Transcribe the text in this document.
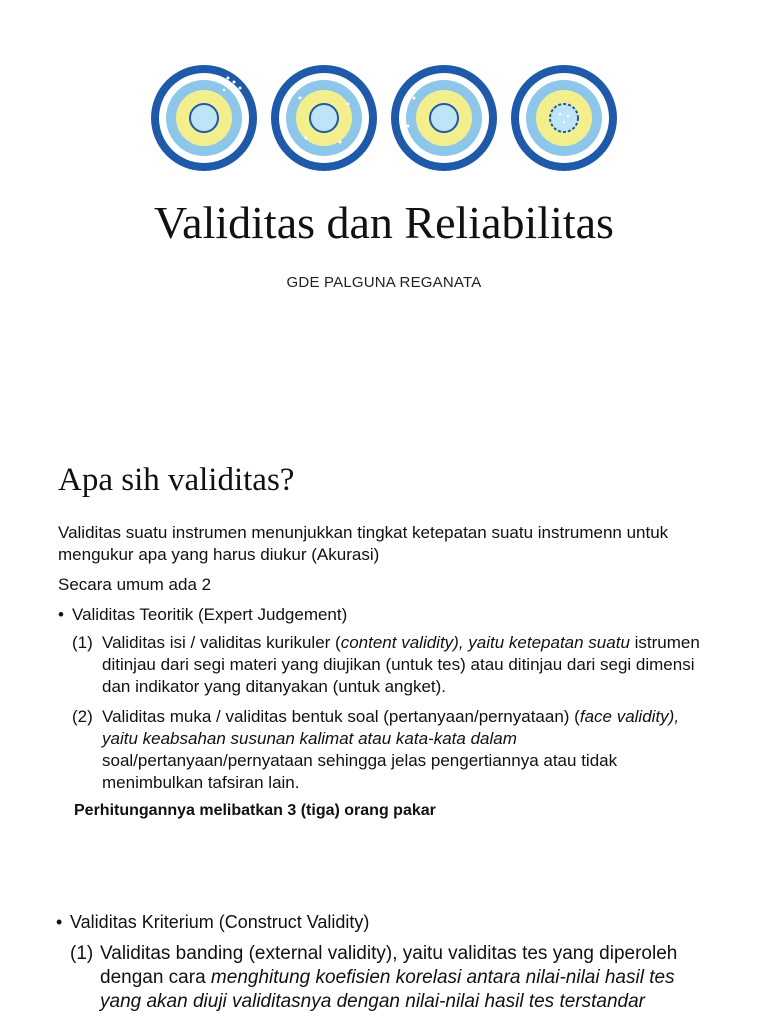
Validitas dan Reliabilitas
GDE PALGUNA REGANATA
Apa sih validitas?
Validitas suatu instrumen menunjukkan tingkat ketepatan suatu instrumenn untuk mengukur apa yang harus diukur (Akurasi)
Secara umum ada 2
• Validitas Teoritik (Expert Judgement)
(1) Validitas isi / validitas kurikuler (content validity), yaitu ketepatan suatu istrumen ditinjau dari segi materi yang diujikan (untuk tes) atau ditinjau dari segi dimensi dan indikator yang ditanyakan (untuk angket).
(2) Validitas muka / validitas bentuk soal (pertanyaan/pernyataan) (face validity), yaitu keabsahan susunan kalimat atau kata-kata dalam soal/pertanyaan/pernyataan sehingga jelas pengertiannya atau tidak menimbulkan tafsiran lain.
Perhitungannya melibatkan 3 (tiga) orang pakar
• Validitas Kriterium (Construct Validity)
(1) Validitas banding (external validity), yaitu validitas tes yang diperoleh dengan cara menghitung koefisien korelasi antara nilai-nilai hasil tes yang akan diuji validitasnya dengan nilai-nilai hasil tes terstandar
